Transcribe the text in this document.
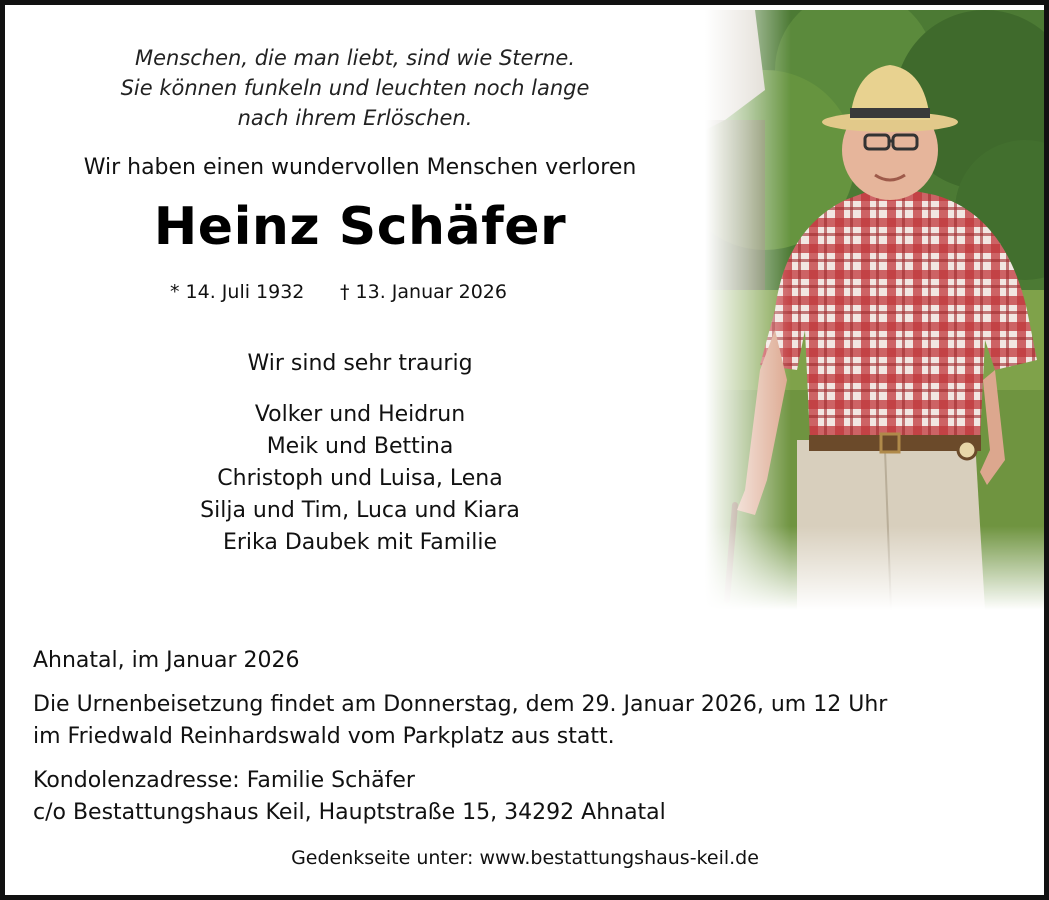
Menschen, die man liebt, sind wie Sterne.
Sie können funkeln und leuchten noch lange
nach ihrem Erlöschen.
Wir haben einen wundervollen Menschen verloren
Heinz Schäfer
* 14. Juli 1932 † 13. Januar 2026
Wir sind sehr traurig
Volker und Heidrun
Meik und Bettina
Christoph und Luisa, Lena
Silja und Tim, Luca und Kiara
Erika Daubek mit Familie
Ahnatal, im Januar 2026
Die Urnenbeisetzung findet am Donnerstag, dem 29. Januar 2026, um 12 Uhr
im Friedwald Reinhardswald vom Parkplatz aus statt.
Kondolenzadresse: Familie Schäfer
c/o Bestattungshaus Keil, Hauptstraße 15, 34292 Ahnatal
Gedenkseite unter: www.bestattungshaus-keil.de
